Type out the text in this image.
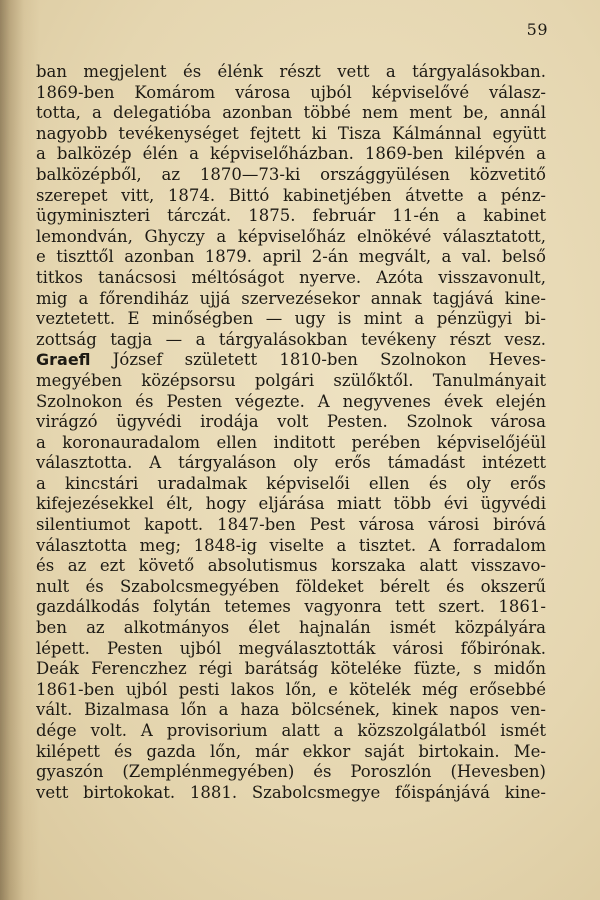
59
ban megjelent és élénk részt vett a tárgyalásokban.
1869-ben Komárom városa ujból képviselővé válasz-
totta, a delegatióba azonban többé nem ment be, annál
nagyobb tevékenységet fejtett ki Tisza Kálmánnal együtt
a balközép élén a képviselőházban. 1869-ben kilépvén a
balközépből, az 1870—73-ki országgyülésen közvetitő
szerepet vitt, 1874. Bittó kabinetjében átvette a pénz-
ügyminiszteri tárczát. 1875. február 11-én a kabinet
lemondván, Ghyczy a képviselőház elnökévé választatott,
e tiszttől azonban 1879. april 2-án megvált, a val. belső
titkos tanácsosi méltóságot nyerve. Azóta visszavonult,
mig a főrendiház ujjá szervezésekor annak tagjává kine-
veztetett. E minőségben — ugy is mint a pénzügyi bi-
zottság tagja — a tárgyalásokban tevékeny részt vesz.
Graefl József született 1810-ben Szolnokon Heves-
megyében középsorsu polgári szülőktől. Tanulmányait
Szolnokon és Pesten végezte. A negyvenes évek elején
virágzó ügyvédi irodája volt Pesten. Szolnok városa
a koronauradalom ellen inditott perében képviselőjéül
választotta. A tárgyaláson oly erős támadást intézett
a kincstári uradalmak képviselői ellen és oly erős
kifejezésekkel élt, hogy eljárása miatt több évi ügyvédi
silentiumot kapott. 1847-ben Pest városa városi biróvá
választotta meg; 1848-ig viselte a tisztet. A forradalom
és az ezt követő absolutismus korszaka alatt visszavo-
nult és Szabolcsmegyében földeket bérelt és okszerű
gazdálkodás folytán tetemes vagyonra tett szert. 1861-
ben az alkotmányos élet hajnalán ismét közpályára
lépett. Pesten ujból megválasztották városi főbirónak.
Deák Ferenczhez régi barátság köteléke füzte, s midőn
1861-ben ujból pesti lakos lőn, e kötelék még erősebbé
vált. Bizalmasa lőn a haza bölcsének, kinek napos ven-
dége volt. A provisorium alatt a közszolgálatból ismét
kilépett és gazda lőn, már ekkor saját birtokain. Me-
gyaszón (Zemplénmegyében) és Poroszlón (Hevesben)
vett birtokokat. 1881. Szabolcsmegye főispánjává kine-
